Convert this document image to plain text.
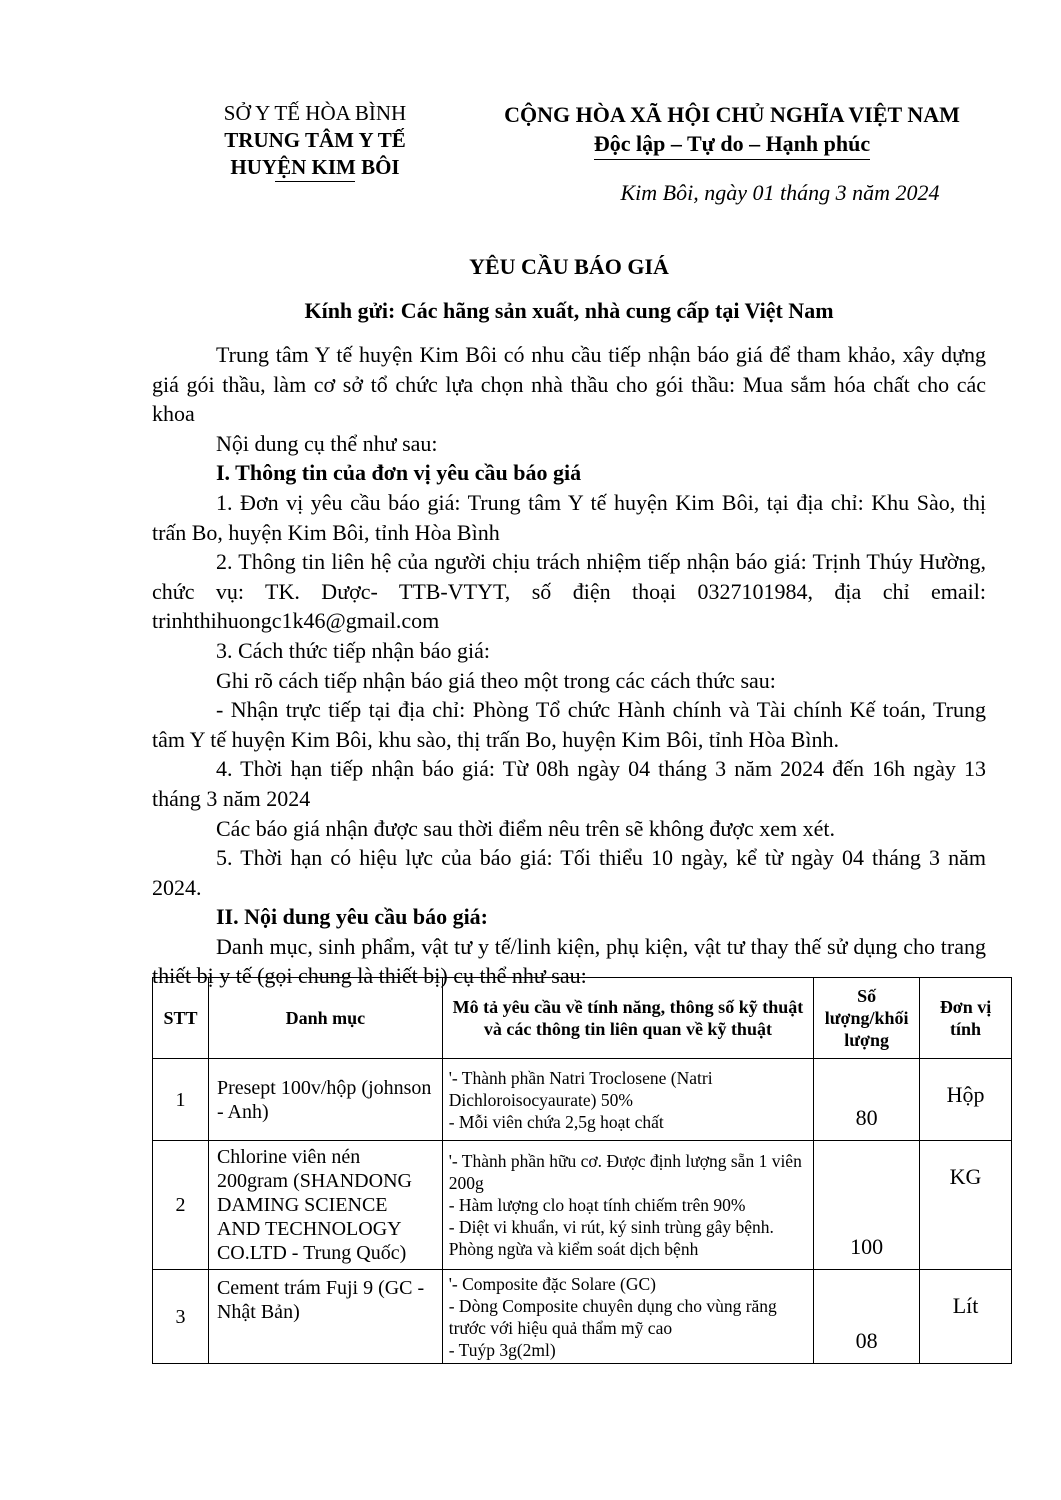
SỞ Y TẾ HÒA BÌNH
TRUNG TÂM Y TẾ
HUYỆN KIM BÔI
CỘNG HÒA XÃ HỘI CHỦ NGHĨA VIỆT NAM
Độc lập – Tự do – Hạnh phúc
Kim Bôi, ngày 01 tháng 3 năm 2024
YÊU CẦU BÁO GIÁ
Kính gửi: Các hãng sản xuất, nhà cung cấp tại Việt Nam

Trung tâm Y tế huyện Kim Bôi có nhu cầu tiếp nhận báo giá để tham khảo, xây dựng giá gói thầu, làm cơ sở tổ chức lựa chọn nhà thầu cho gói thầu: Mua sắm hóa chất cho các khoa

Nội dung cụ thể như sau:

I. Thông tin của đơn vị yêu cầu báo giá

1. Đơn vị yêu cầu báo giá: Trung tâm Y tế huyện Kim Bôi, tại địa chỉ: Khu Sào, thị trấn Bo, huyện Kim Bôi, tỉnh Hòa Bình

2. Thông tin liên hệ của người chịu trách nhiệm tiếp nhận báo giá: Trịnh Thúy Hường, chức vụ: TK. Dược- TTB-VTYT, số điện thoại 0327101984, địa chỉ email: trinhthihuongc1k46@gmail.com

3. Cách thức tiếp nhận báo giá:

Ghi rõ cách tiếp nhận báo giá theo một trong các cách thức sau:

- Nhận trực tiếp tại địa chỉ: Phòng Tổ chức Hành chính và Tài chính Kế toán, Trung tâm Y tế huyện Kim Bôi, khu sào, thị trấn Bo, huyện Kim Bôi, tỉnh Hòa Bình.

4. Thời hạn tiếp nhận báo giá: Từ 08h ngày 04 tháng 3 năm 2024 đến 16h ngày 13 tháng 3 năm 2024

Các báo giá nhận được sau thời điểm nêu trên sẽ không được xem xét.

5. Thời hạn có hiệu lực của báo giá: Tối thiểu 10 ngày, kể từ ngày 04 tháng 3 năm 2024.

II. Nội dung yêu cầu báo giá:

Danh mục, sinh phẩm, vật tư y tế/linh kiện, phụ kiện, vật tư thay thế sử dụng cho trang thiết bị y tế (gọi chung là thiết bị) cụ thể như sau:

STT	Danh mục	Mô tả yêu cầu về tính năng, thông số kỹ thuật và các thông tin liên quan về kỹ thuật	Số lượng/khối lượng	Đơn vị tính
1	Presept 100v/hộp (johnson - Anh)	'- Thành phần Natri Troclosene (Natri Dichloroisocyaurate) 50%
- Mỗi viên chứa 2,5g hoạt chất	80	Hộp
2	Chlorine viên nén 200gram (SHANDONG DAMING SCIENCE AND TECHNOLOGY CO.LTD - Trung Quốc)	'- Thành phần hữu cơ. Được định lượng sẵn 1 viên 200g
- Hàm lượng clo hoạt tính chiếm trên 90%
- Diệt vi khuẩn, vi rút, ký sinh trùng gây bệnh. Phòng ngừa và kiểm soát dịch bệnh	100	KG
3	Cement trám Fuji 9 (GC - Nhật Bản)	'- Composite đặc Solare (GC)
- Dòng Composite chuyên dụng cho vùng răng trước với hiệu quả thẩm mỹ cao
- Tuýp 3g(2ml)	08	Lít
